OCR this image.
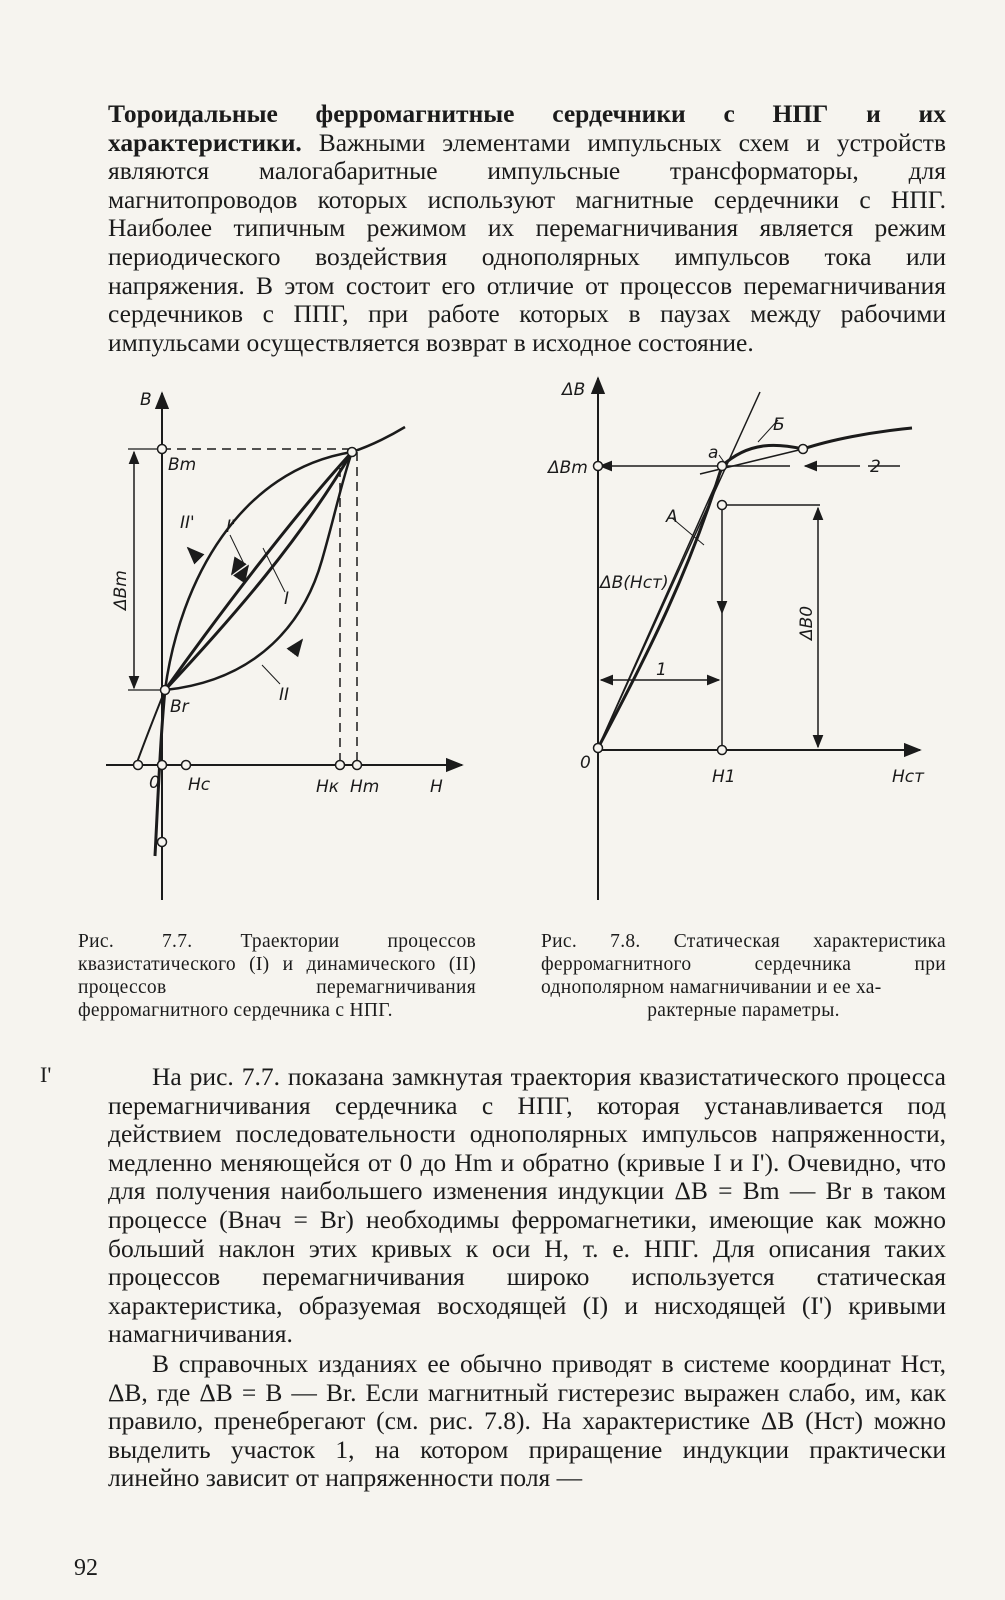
Тороидальные ферромагнитные сердечники с НПГ и их характеристики. Важными элементами импульсных схем и устройств являются малогабаритные импульсные трансформаторы, для магнитопроводов которых используют магнитные сердечники с НПГ. Наиболее типичным режимом их перемагничивания является режим периодического воздействия однополярных импульсов тока или напряжения. В этом состоит его отличие от процессов перемагничивания сердечников с ППГ, при работе которых в паузах между рабочими импульсами осуществляется возврат в исходное состояние.

B
Bm
Br
ΔBm
II' I'
I
II
0 Hc	Hк Hm	H
ΔB
ΔBm
a
Б
2
A
ΔB(Hст)
1
ΔB0
0
H1	Hст

Рис. 7.7. Траектории процессов квазистатического (I) и динамического (II) процессов перемагничивания ферромагнитного сердечника с НПГ.

Рис. 7.8. Статическая характеристика ферромагнитного сердечника при однополярном намагничивании и ее ха-
рактерные параметры.

I'	На рис. 7.7. показана замкнутая траектория квазистатического процесса перемагничивания сердечника с НПГ, которая устанавливается под действием последовательности однополярных импульсов напряженности, медленно меняющейся от 0 до Hm и обратно (кривые I и I'). Очевидно, что для получения наибольшего изменения индукции ΔB = Bm — Br в таком процессе (Bнач = Br) необходимы ферромагнетики, имеющие как можно больший наклон этих кривых к оси H, т. е. НПГ. Для описания таких процессов перемагничивания широко используется статическая характеристика, образуемая восходящей (I) и нисходящей (I') кривыми намагничивания.

В справочных изданиях ее обычно приводят в системе координат Hст, ΔB, где ΔB = B — Br. Если магнитный гистерезис выражен слабо, им, как правило, пренебрегают (см. рис. 7.8). На характеристике ΔB (Hст) можно выделить участок 1, на котором приращение индукции практически линейно зависит от напряженности поля —

92
